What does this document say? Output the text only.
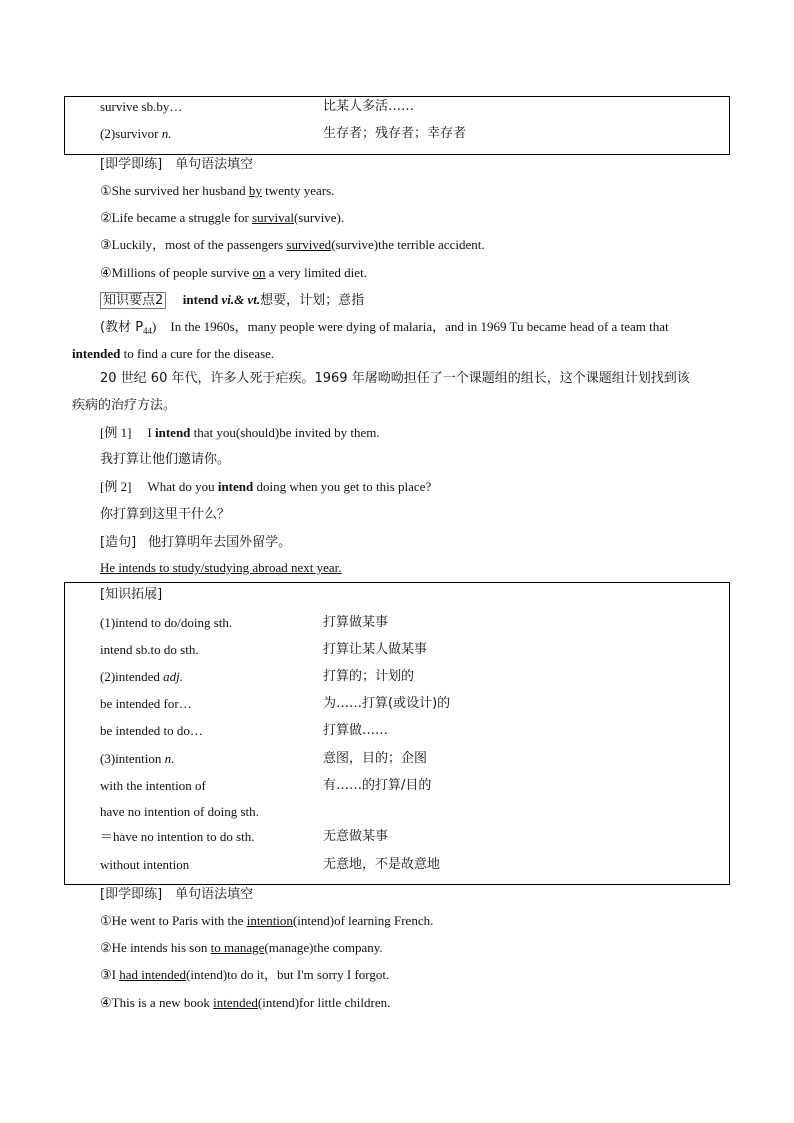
survive sb.by…	比某人多活……
(2)survivor n.	生存者；残存者；幸存者
[即学即练]　单句语法填空
①She survived her husband by twenty years.
②Life became a struggle for survival(survive).
③Luckily，most of the passengers survived(survive)the terrible accident.
④Millions of people survive on a very limited diet.
知识要点2 intend vi.& vt.想要，计划；意指
(教材 $P_{44}$) In the 1960s，many people were dying of malaria，and in 1969 Tu became head of a team that
intended to find a cure for the disease.
20 世纪 60 年代，许多人死于疟疾。1969 年屠呦呦担任了一个课题组的组长，这个课题组计划找到该
疾病的治疗方法。
[例 1] I intend that you(should)be invited by them.
我打算让他们邀请你。
[例 2] What do you intend doing when you get to this place?
你打算到这里干什么？
[造句] 他打算明年去国外留学。
He intends to study/studying abroad next year.
[知识拓展]
(1)intend to do/doing sth.	打算做某事
intend sb.to do sth.	打算让某人做某事
(2)intended adj.	打算的；计划的
be intended for…	为……打算(或设计)的
be intended to do…	打算做……
(3)intention n.	意图，目的；企图
with the intention of	有……的打算/目的
have no intention of doing sth.
＝have no intention to do sth.	无意做某事
without intention	无意地，不是故意地
[即学即练]　单句语法填空
①He went to Paris with the intention(intend)of learning French.
②He intends his son to manage(manage)the company.
③I had intended(intend)to do it，but I'm sorry I forgot.
④This is a new book intended(intend)for little children.
